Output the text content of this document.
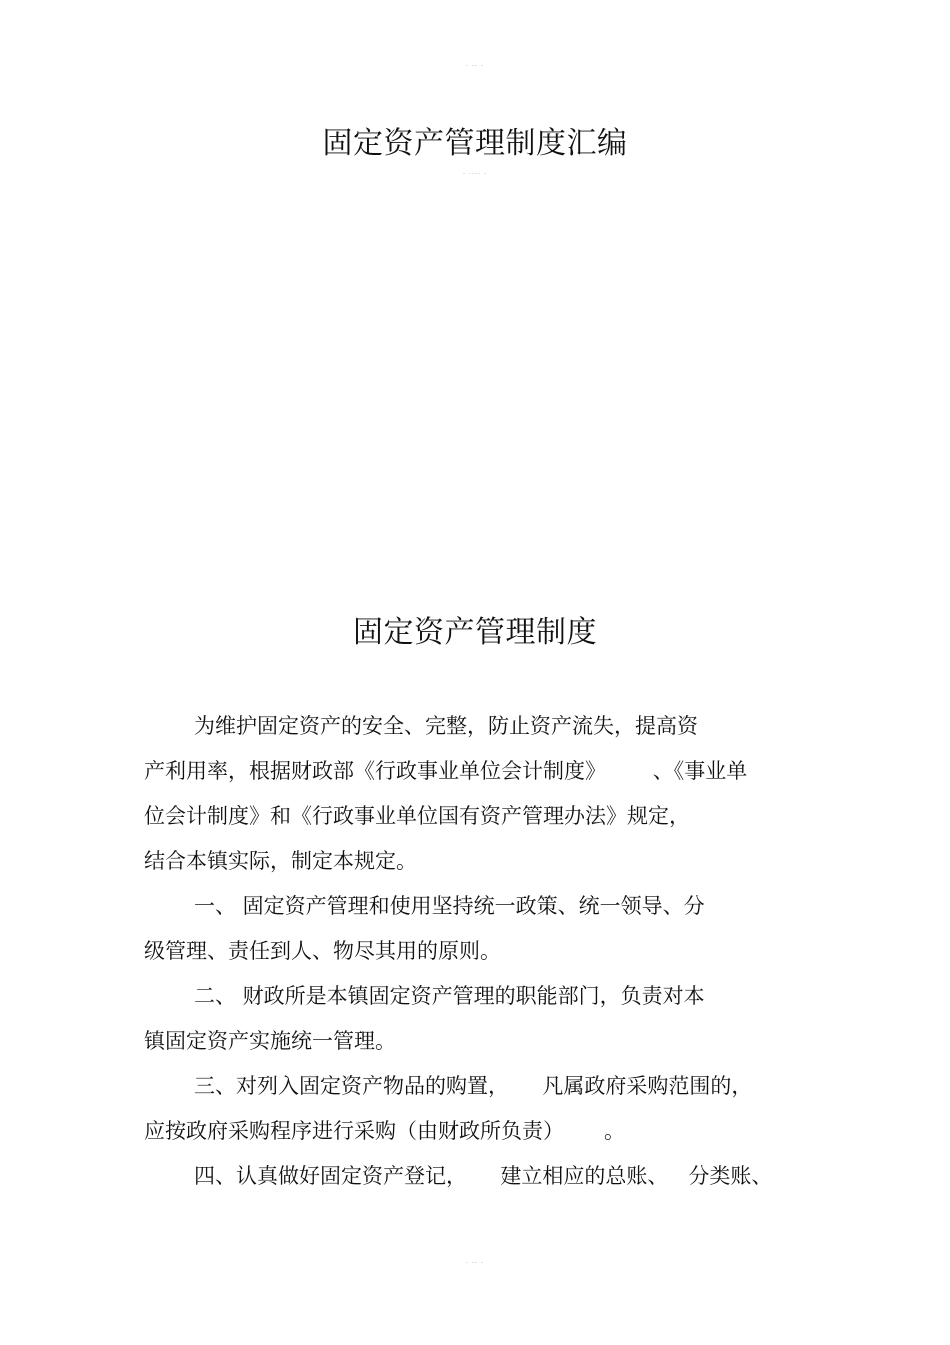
- -- -
固定资产管理制度汇编
- ---- -
固定资产管理制度
为维护固定资产的安全、完整，防止资产流失，提高资
产利用率，根据财政部《行政事业单位会计制度》       、《事业单
位会计制度》和《行政事业单位国有资产管理办法》规定，
结合本镇实际，制定本规定。
一、 固定资产管理和使用坚持统一政策、统一领导、分
级管理、责任到人、物尽其用的原则。
二、 财政所是本镇固定资产管理的职能部门，负责对本
镇固定资产实施统一管理。
三、对列入固定资产物品的购置，     凡属政府采购范围的，
应按政府采购程序进行采购（由财政所负责）      。
四、认真做好固定资产登记，     建立相应的总账、   分类账、
- -- -
